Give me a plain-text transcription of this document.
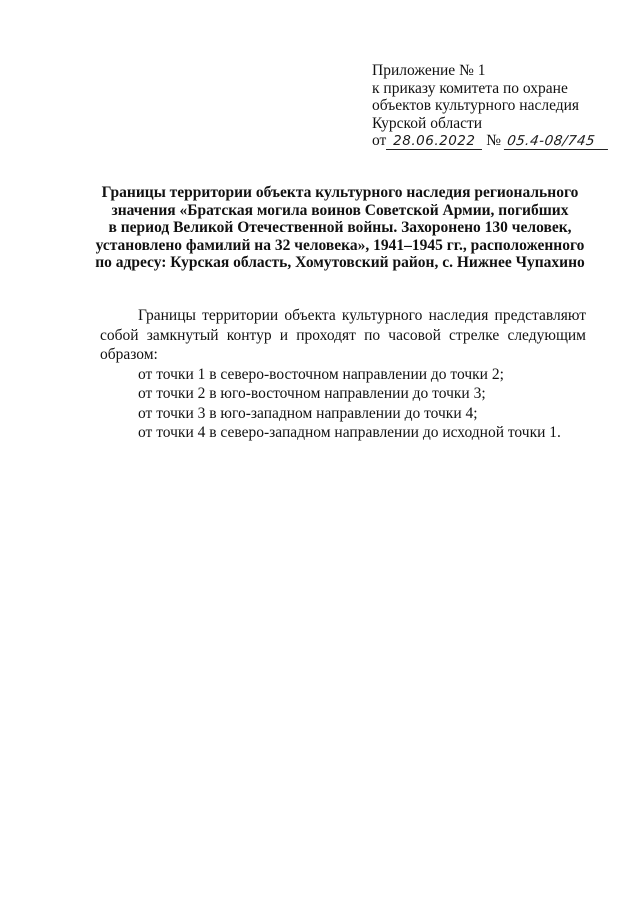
Приложение № 1
к приказу комитета по охране
объектов культурного наследия
Курской области
от 28.06.2022 № 05.4-08/745
Границы территории объекта культурного наследия регионального
значения «Братская могила воинов Советской Армии, погибших
в период Великой Отечественной войны. Захоронено 130 человек,
установлено фамилий на 32 человека», 1941–1945 гг., расположенного
по адресу: Курская область, Хомутовский район, с. Нижнее Чупахино

Границы территории объекта культурного наследия представляют собой замкнутый контур и проходят по часовой стрелке следующим образом:

от точки 1 в северо-восточном направлении до точки 2;
от точки 2 в юго-восточном направлении до точки 3;
от точки 3 в юго-западном направлении до точки 4;
от точки 4 в северо-западном направлении до исходной точки 1.
